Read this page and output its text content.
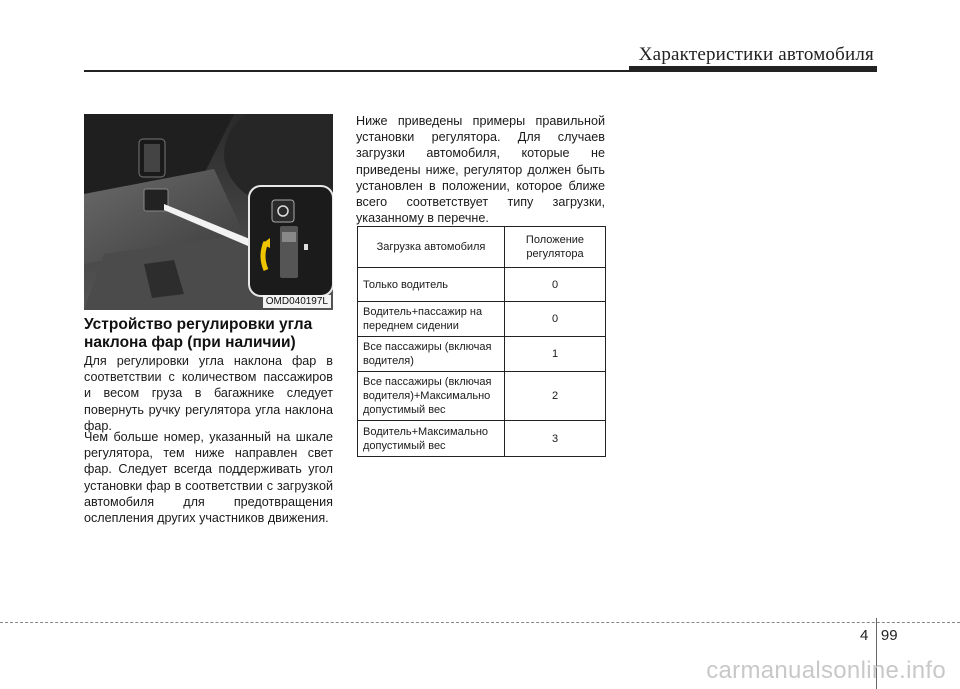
Характеристики автомобиля
OMD040197L
Устройство регулировки угла наклона фар (при наличии)

Для регулировки угла наклона фар в соответствии с количеством пассажиров и весом груза в багажнике следует повернуть ручку регулятора угла наклона фар.

Чем больше номер, указанный на шкале регулятора, тем ниже направлен свет фар. Следует всегда поддерживать угол установки фар в соответствии с загрузкой автомобиля для предотвращения ослепления других участников движения.

Ниже приведены примеры правильной установки регулятора. Для случаев загрузки автомобиля, которые не приведены ниже, регулятор должен быть установлен в положении, которое ближе всего соответствует типу загрузки, указанному в перечне.

Загрузка автомобиля	Положение регулятора
Только водитель	0
Водитель+пассажир на переднем сидении	0
Все пассажиры (включая водителя)	1
Все пассажиры (включая водителя)+Максимально допустимый вес	2
Водитель+Максимально допустимый вес	3
4 99
carmanualsonline.info
